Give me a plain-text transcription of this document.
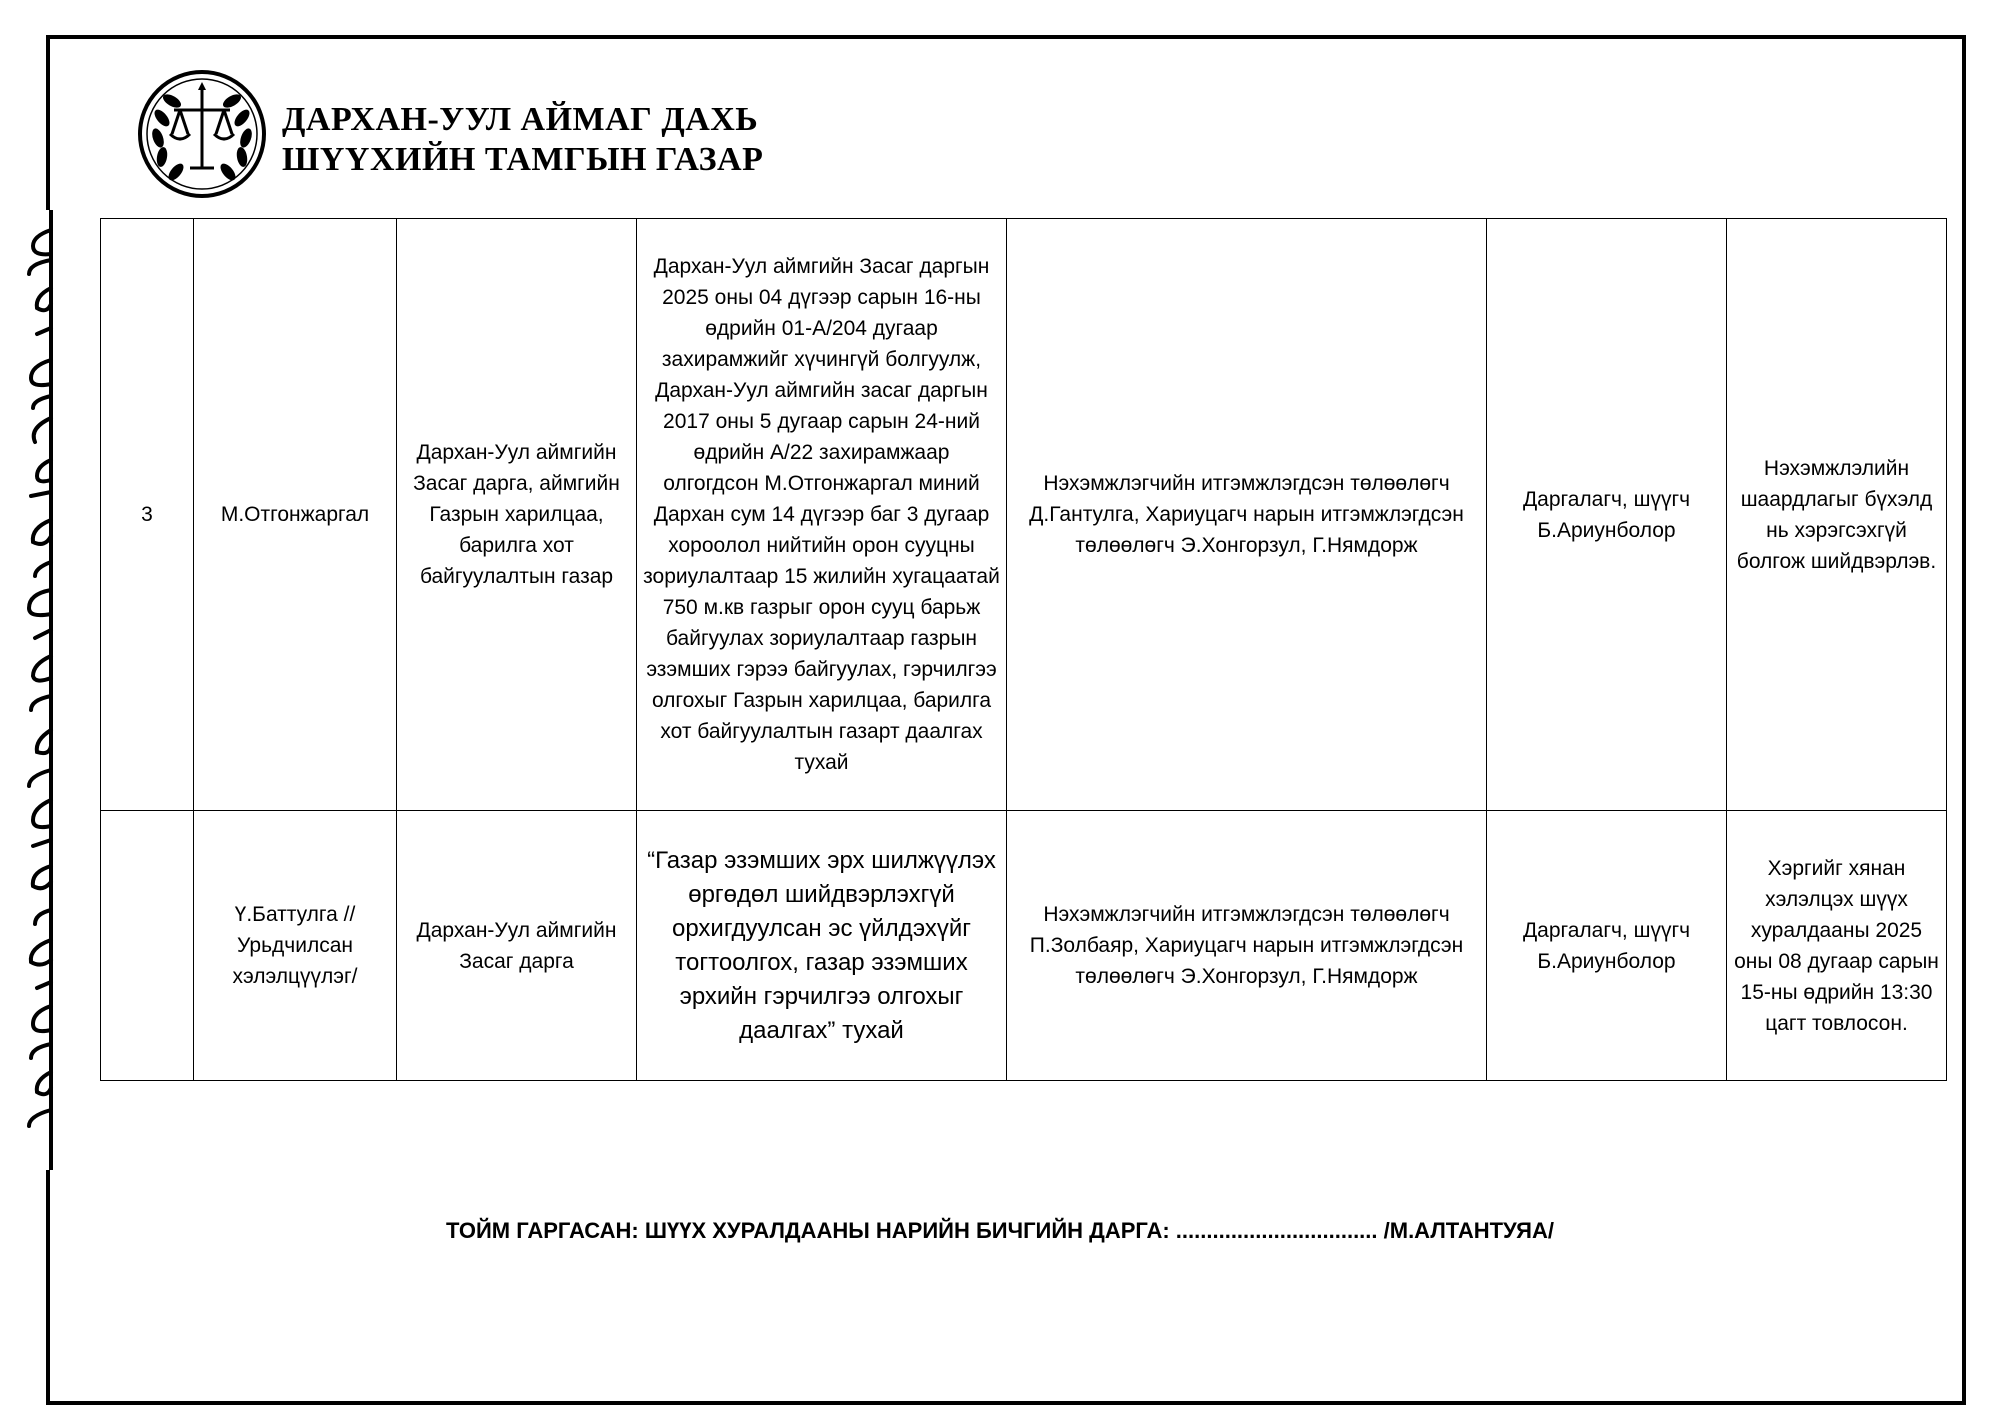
ДАРХАН-УУЛ АЙМАГ ДАХЬ
ШҮҮХИЙН ТАМГЫН ГАЗАР
3	М.Отгонжаргал	Дархан-Уул аймгийн Засаг дарга, аймгийн Газрын харилцаа, барилга хот байгуулалтын газар	Дархан-Уул аймгийн Засаг даргын 2025 оны 04 дүгээр сарын 16-ны өдрийн 01-А/204 дугаар захирамжийг хүчингүй болгуулж, Дархан-Уул аймгийн засаг даргын 2017 оны 5 дугаар сарын 24-ний өдрийн А/22 захирамжаар олгогдсон М.Отгонжаргал миний Дархан сум 14 дүгээр баг 3 дугаар хороолол нийтийн орон сууцны зориулалтаар 15 жилийн хугацаатай 750 м.кв газрыг орон сууц барьж байгуулах зориулалтаар газрын эзэмших гэрээ байгуулах, гэрчилгээ олгохыг Газрын харилцаа, барилга хот байгуулалтын газарт даалгах тухай	Нэхэмжлэгчийн итгэмжлэгдсэн төлөөлөгч Д.Гантулга, Хариуцагч нарын итгэмжлэгдсэн төлөөлөгч Э.Хонгорзул, Г.Нямдорж	Даргалагч, шүүгч Б.Ариунболор	Нэхэмжлэлийн шаардлагыг бүхэлд нь хэрэгсэхгүй болгож шийдвэрлэв.
	Ү.Баттулга //Урьдчилсан хэлэлцүүлэг/	Дархан-Уул аймгийн Засаг дарга	“Газар эзэмших эрх шилжүүлэх өргөдөл шийдвэрлэхгүй орхигдуулсан эс үйлдэхүйг тогтоолгох, газар эзэмших эрхийн гэрчилгээ олгохыг даалгах” тухай	Нэхэмжлэгчийн итгэмжлэгдсэн төлөөлөгч П.Золбаяр, Хариуцагч нарын итгэмжлэгдсэн төлөөлөгч Э.Хонгорзул, Г.Нямдорж	Даргалагч, шүүгч Б.Ариунболор	Хэргийг хянан хэлэлцэх шүүх хуралдааны 2025 оны 08 дугаар сарын 15-ны өдрийн 13:30 цагт товлосон.
ТОЙМ ГАРГАСАН: ШҮҮХ ХУРАЛДААНЫ НАРИЙН БИЧГИЙН ДАРГА: ................................. /М.АЛТАНТУЯА/
